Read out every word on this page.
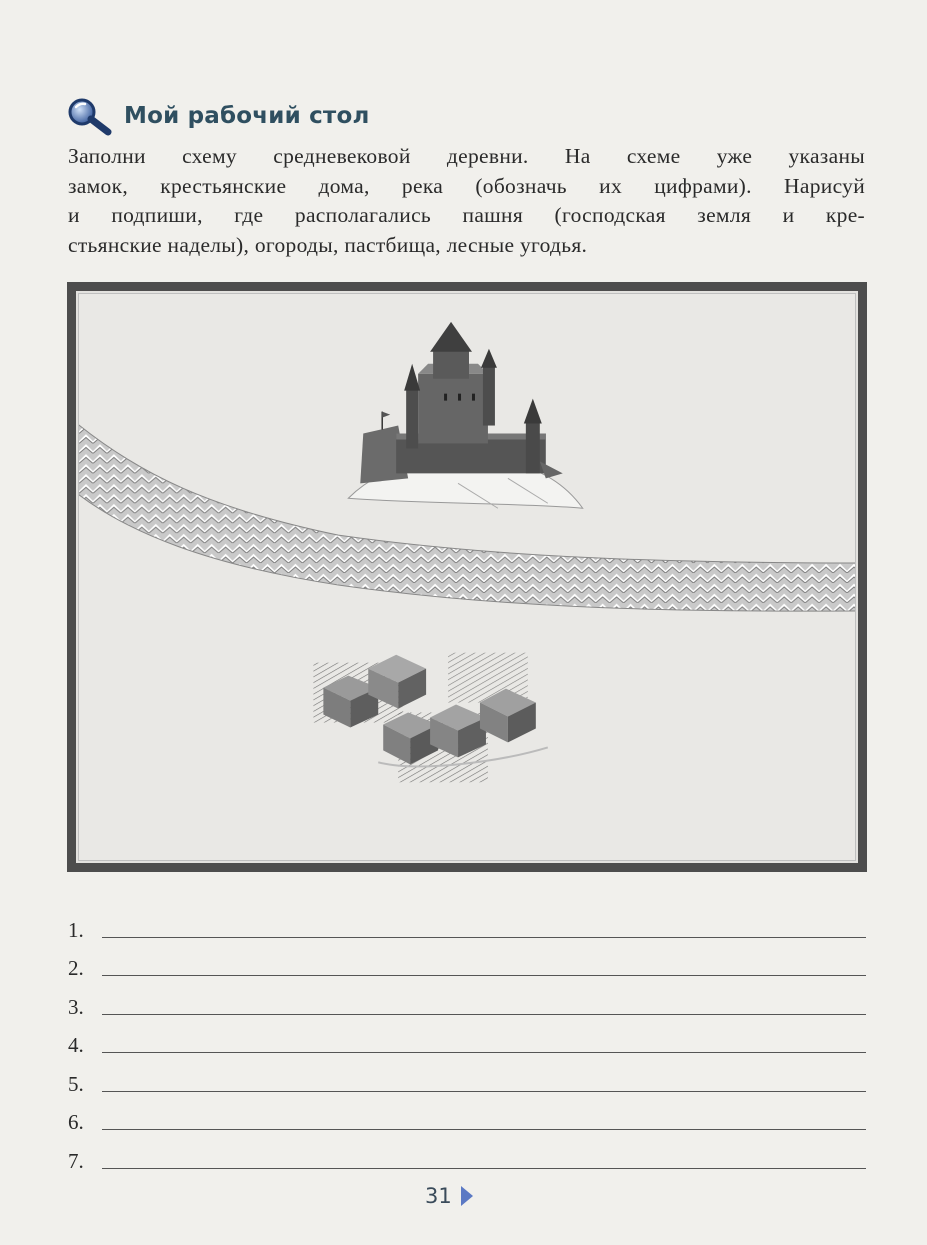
Мой рабочий стол
Заполни схему средневековой деревни. На схеме уже указаны
замок, крестьянские дома, река (обозначь их цифрами). Нарисуй
и подпиши, где располагались пашня (господская земля и кре-
стьянские наделы), огороды, пастбища, лесные угодья.
1.
2.
3.
4.
5.
6.
7.
31
